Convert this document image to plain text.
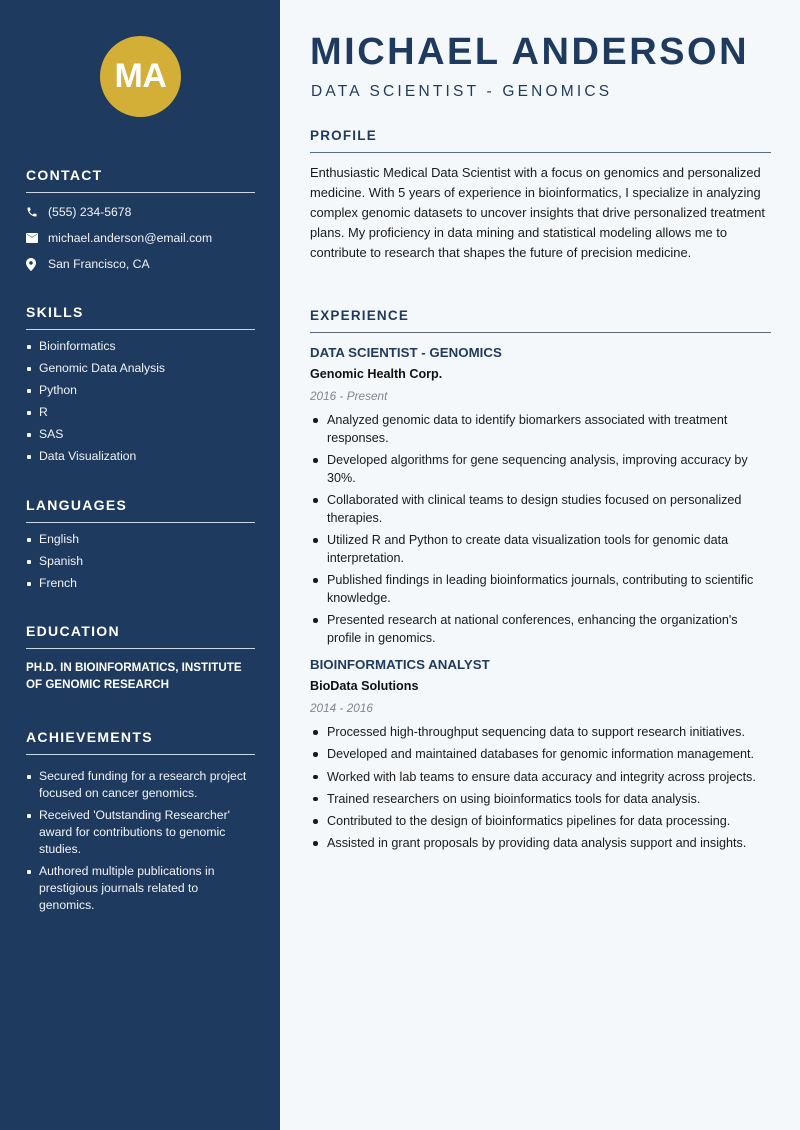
MA
CONTACT
(555) 234-5678
michael.anderson@email.com
San Francisco, CA
SKILLS
Bioinformatics
Genomic Data Analysis
Python
R
SAS
Data Visualization
LANGUAGES
English
Spanish
French
EDUCATION
PH.D. IN BIOINFORMATICS, INSTITUTE OF GENOMIC RESEARCH
ACHIEVEMENTS
Secured funding for a research project focused on cancer genomics.
Received 'Outstanding Researcher' award for contributions to genomic studies.
Authored multiple publications in prestigious journals related to genomics.
MICHAEL ANDERSON
DATA SCIENTIST - GENOMICS
PROFILE

Enthusiastic Medical Data Scientist with a focus on genomics and personalized medicine. With 5 years of experience in bioinformatics, I specialize in analyzing complex genomic datasets to uncover insights that drive personalized treatment plans. My proficiency in data mining and statistical modeling allows me to contribute to research that shapes the future of precision medicine.

EXPERIENCE
DATA SCIENTIST - GENOMICS
Genomic Health Corp.
2016 - Present
Analyzed genomic data to identify biomarkers associated with treatment responses.
Developed algorithms for gene sequencing analysis, improving accuracy by 30%.
Collaborated with clinical teams to design studies focused on personalized therapies.
Utilized R and Python to create data visualization tools for genomic data interpretation.
Published findings in leading bioinformatics journals, contributing to scientific knowledge.
Presented research at national conferences, enhancing the organization's profile in genomics.
BIOINFORMATICS ANALYST
BioData Solutions
2014 - 2016
Processed high-throughput sequencing data to support research initiatives.
Developed and maintained databases for genomic information management.
Worked with lab teams to ensure data accuracy and integrity across projects.
Trained researchers on using bioinformatics tools for data analysis.
Contributed to the design of bioinformatics pipelines for data processing.
Assisted in grant proposals by providing data analysis support and insights.
